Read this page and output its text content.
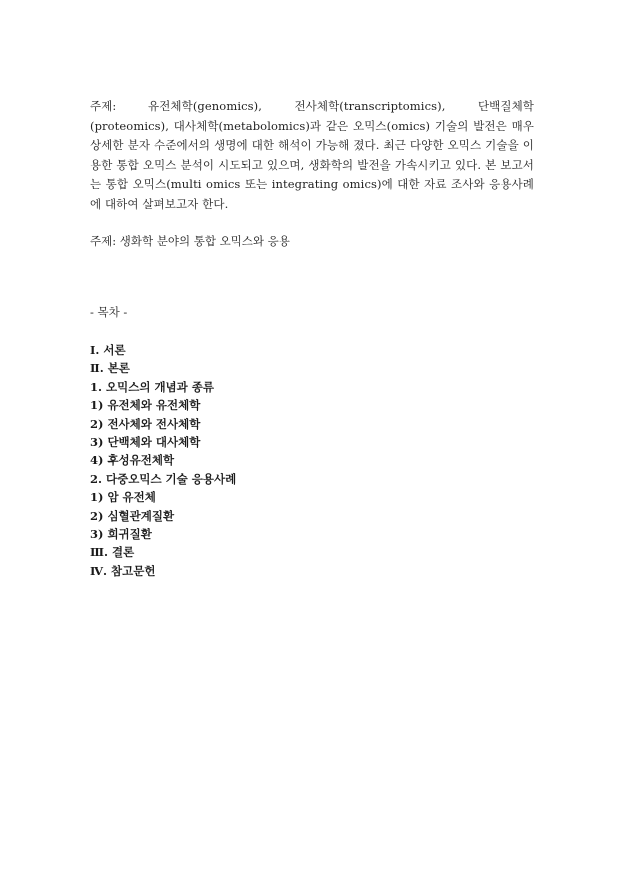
주제:	유전체학(genomics), 전사체학(transcriptomics), 단백질체학(proteomics), 대사체학(metabolomics)과 같은 오믹스(omics) 기술의 발전은 매우 상세한 분자 수준에서의 생명에 대한 해석이 가능해 졌다. 최근 다양한 오믹스 기술을 이용한 통합 오믹스 분석이 시도되고 있으며, 생화학의 발전을 가속시키고 있다. 본 보고서는 통합 오믹스(multi omics 또는 integrating omics)에 대한 자료 조사와 응용사례에 대하여 살펴보고자 한다.

주제: 생화학 분야의 통합 오믹스와 응용
- 목차 -
Ⅰ. 서론
Ⅱ. 본론
1. 오믹스의 개념과 종류
1) 유전체와 유전체학
2) 전사체와 전사체학
3) 단백체와 대사체학
4) 후성유전체학
2. 다중오믹스 기술 응용사례
1) 암 유전체
2) 심혈관계질환
3) 희귀질환
Ⅲ. 결론
Ⅳ. 참고문헌
